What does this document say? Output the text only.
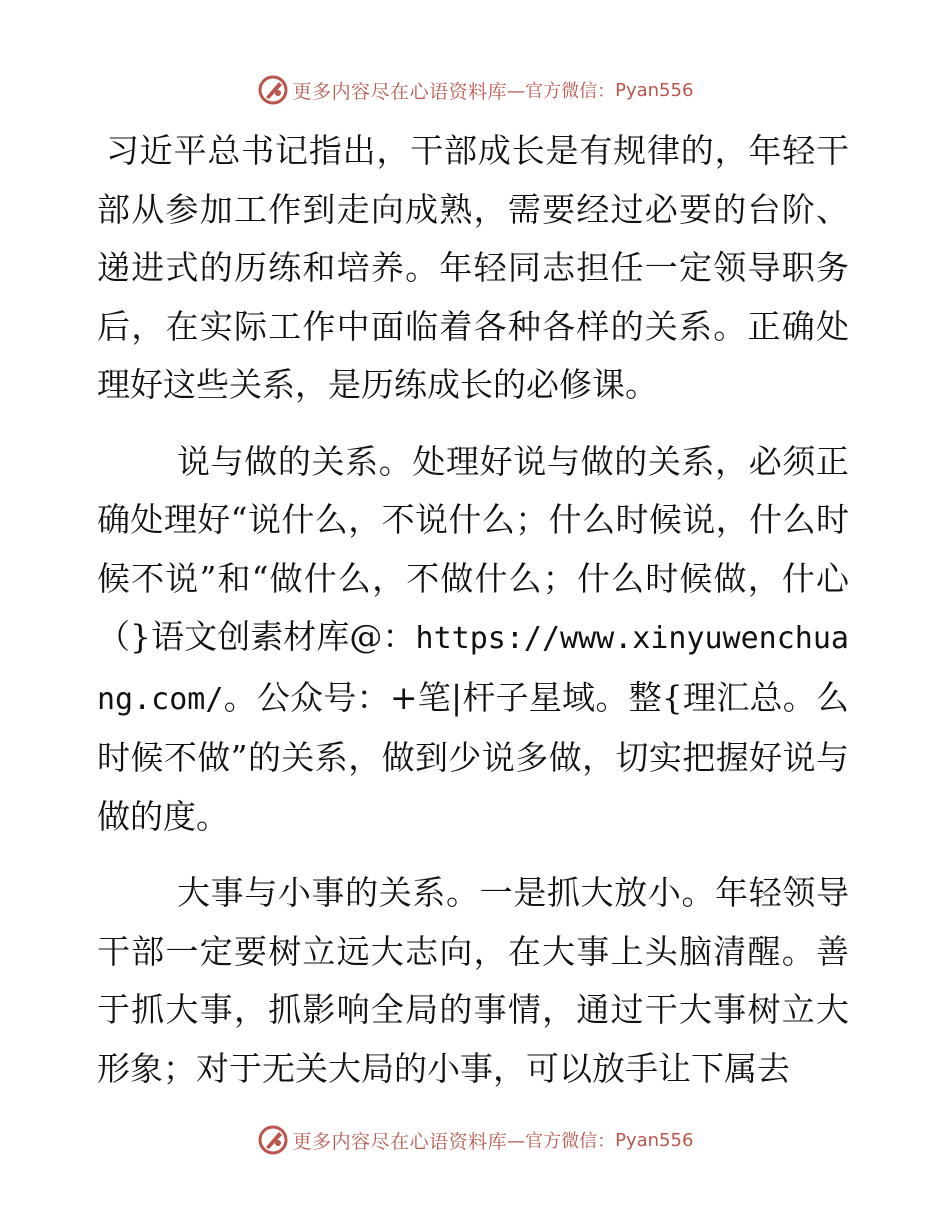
更多内容尽在心语资料库 —官方微信： Pyan556

习近平总书记指出，干部成长是有规律的，年轻干部从参加工作到走向成熟，需要经过必要的台阶、递进式的历练和培养。年轻同志担任一定领导职务后，在实际工作中面临着各种各样的关系。正确处理好这些关系，是历练成长的必修课。

说与做的关系。处理好说与做的关系，必须正确处理好“说什么，不说什么；什么时候说，什么时候不说”和“做什么，不做什么；什么时候做，什心（}语文创素材库@：https://www.xinyuwenchuang.com/。公众号：+笔|杆子星域。整{理汇总。么时候不做”的关系，做到少说多做，切实把握好说与做的度。

大事与小事的关系。一是抓大放小。年轻领导干部一定要树立远大志向，在大事上头脑清醒。善于抓大事，抓影响全局的事情，通过干大事树立大形象；对于无关大局的小事，可以放手让下属去

更多内容尽在心语资料库 —官方微信： Pyan556
